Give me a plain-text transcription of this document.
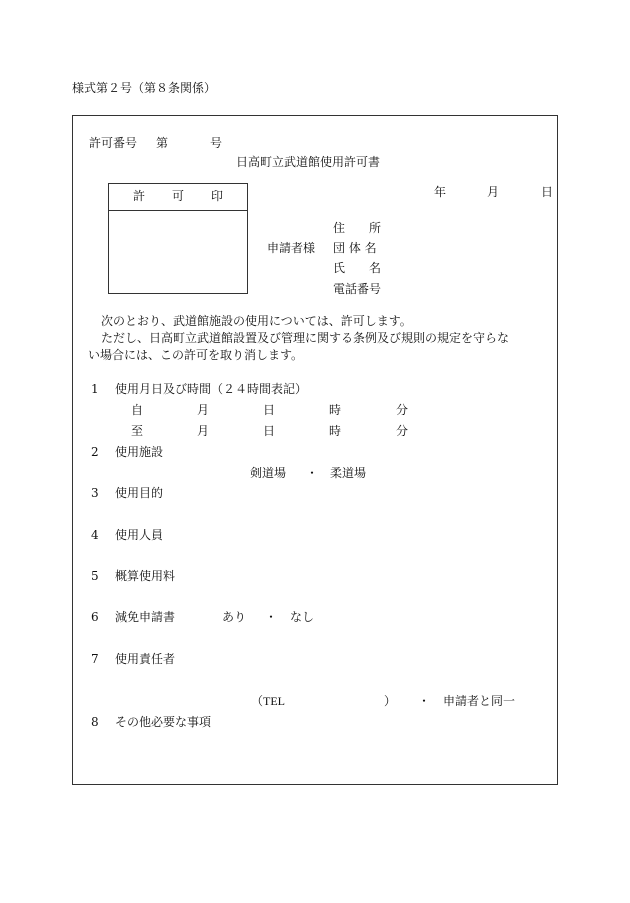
様式第２号（第８条関係）
許可番号 第	号
日高町立武道館使用許可書
許 可 印	年	月	日
住　　所
申請者様 団 体 名
氏　　名
電話番号
次のとおり、武道館施設の使用については、許可します。
ただし、日高町立武道館設置及び管理に関する条例及び規則の規定を守らな
い場合には、この許可を取り消します。
1 使用月日及び時間（２４時間表記）
自	月	日	時	分
至	月	日	時	分
2 使用施設
剣道場 ・ 柔道場
3 使用目的
4 使用人員
5 概算使用料
6 減免申請書	あり ・ なし
7 使用責任者
（TEL	） ・ 申請者と同一
8 その他必要な事項
